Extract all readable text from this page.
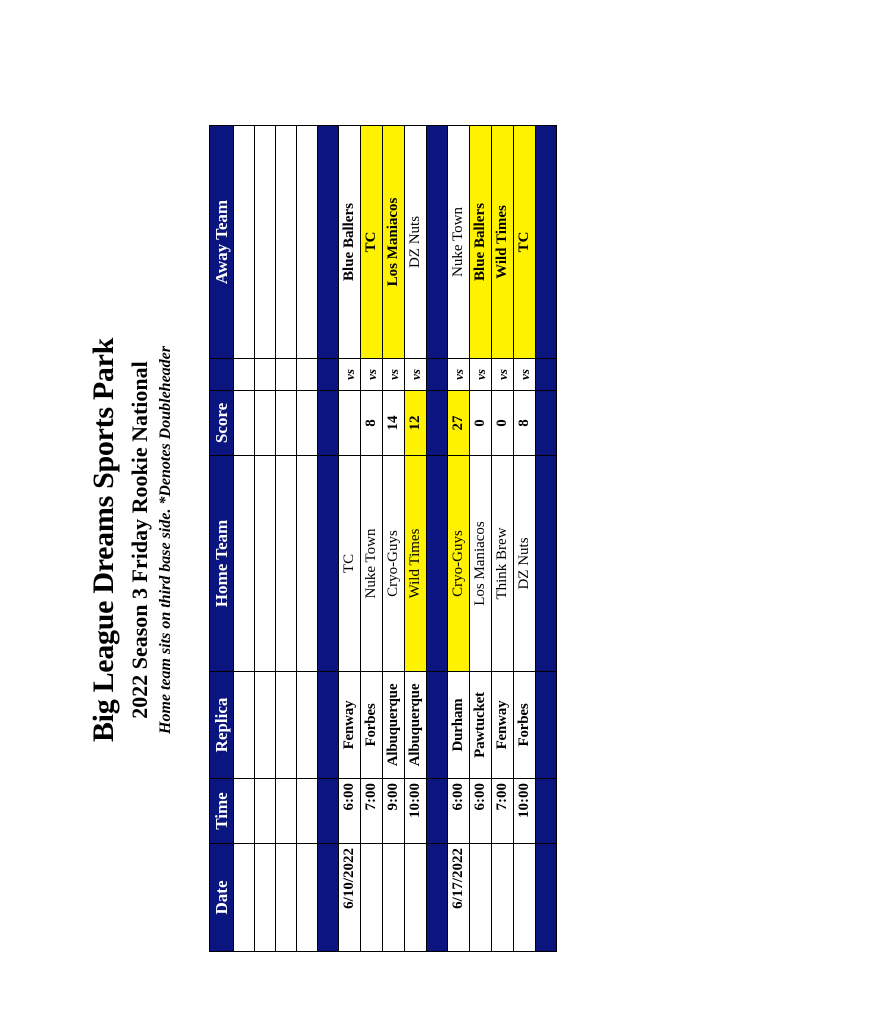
Big League Dreams Sports Park 2022 Season 3 Friday Rookie National Home team sits on third base side. *Denotes Doubleheader
Date	Time	Replica	Home Team	Score		Away Team

6/10/2022	6:00	Fenway	TC		vs	Blue Ballers
	7:00	Forbes	Nuke Town	8	vs	TC
	9:00	Albuquerque	Cryo-Guys	14	vs	Los Maniacos
	10:00	Albuquerque	Wild Times	12	vs	DZ Nuts

6/17/2022	6:00	Durham	Cryo-Guys	27	vs	Nuke Town
	6:00	Pawtucket	Los Maniacos	0	vs	Blue Ballers
	7:00	Fenway	Think Brew	0	vs	Wild Times
	10:00	Forbes	DZ Nuts	8	vs	TC
